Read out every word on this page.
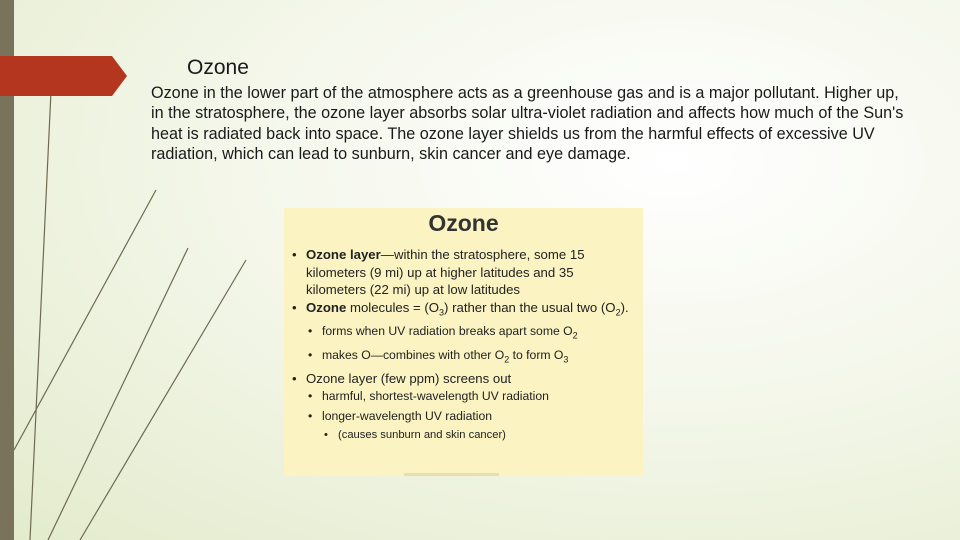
Ozone

Ozone in the lower part of the atmosphere acts as a greenhouse gas and is a major pollutant. Higher up, in the stratosphere, the ozone layer absorbs solar ultra-violet radiation and affects how much of the Sun's heat is radiated back into space. The ozone layer shields us from the harmful effects of excessive UV radiation, which can lead to sunburn, skin cancer and eye damage.

Ozone
• Ozone layer—within the stratosphere, some 15 kilometers (9 mi) up at higher latitudes and 35 kilometers (22 mi) up at low latitudes
• Ozone molecules = $(O_3)$ rather than the usual two $(O_2)$.
• forms when UV radiation breaks apart some $O_2$
• makes O—combines with other $O_2$ to form $O_3$
• Ozone layer (few ppm) screens out
• harmful, shortest-wavelength UV radiation
• longer-wavelength UV radiation
• (causes sunburn and skin cancer)
